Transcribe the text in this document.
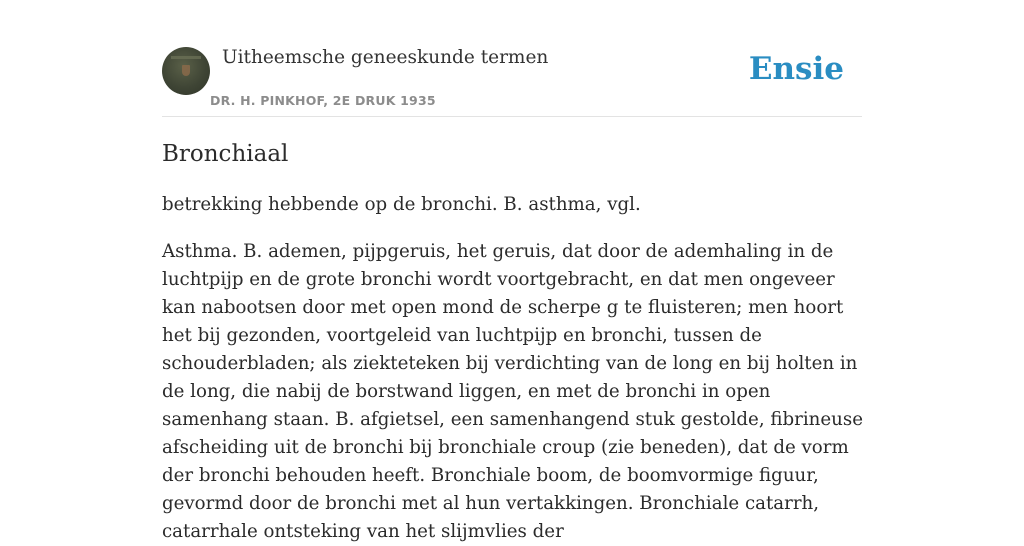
Uitheemsche geneeskunde termen
DR. H. PINKHOF, 2E DRUK 1935
Ensie
Bronchiaal

betrekking hebbende op de bronchi. B. asthma, vgl.

Asthma. B. ademen, pijpgeruis, het geruis, dat door de ademhaling in de luchtpijp en de grote bronchi wordt voortgebracht, en dat men ongeveer kan nabootsen door met open mond de scherpe g te fluisteren; men hoort het bij gezonden, voortgeleid van luchtpijp en bronchi, tussen de schouderbladen; als ziekteteken bij verdichting van de long en bij holten in de long, die nabij de borstwand liggen, en met de bronchi in open samenhang staan. B. afgietsel, een samenhangend stuk gestolde, fibrineuse afscheiding uit de bronchi bij bronchiale croup (zie beneden), dat de vorm der bronchi behouden heeft. Bronchiale boom, de boomvormige figuur, gevormd door de bronchi met al hun vertakkingen. Bronchiale catarrh, catarrhale ontsteking van het slijmvlies der
